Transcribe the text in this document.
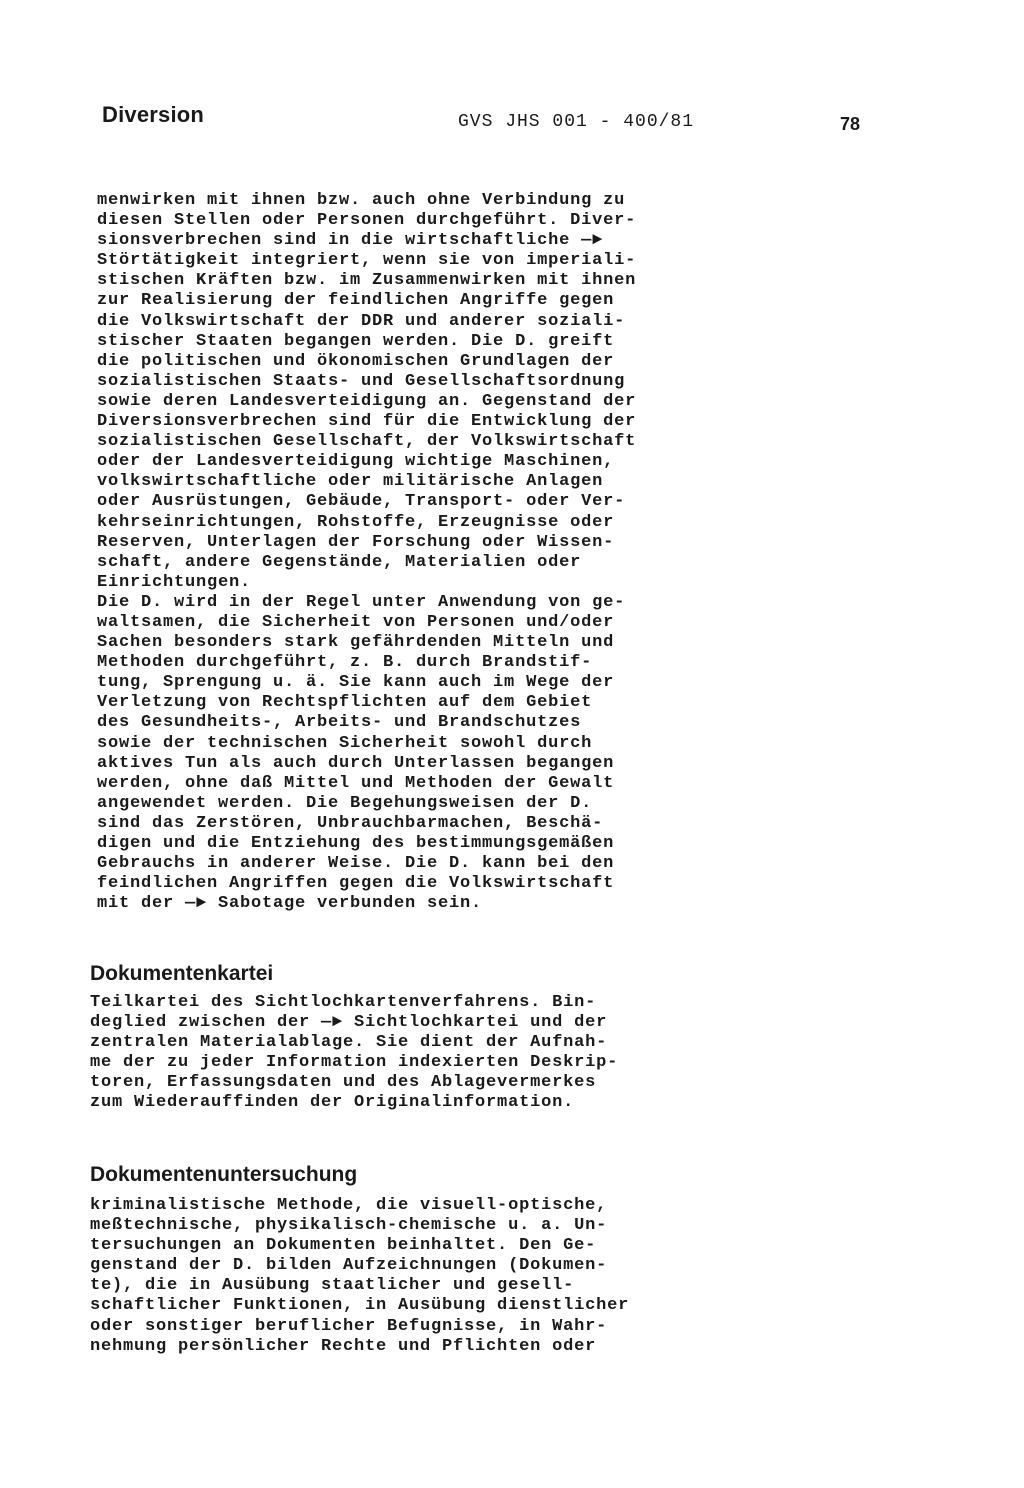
Diversion	GVS JHS 001 - 400/81	78
menwirken mit ihnen bzw. auch ohne Verbindung zu
diesen Stellen oder Personen durchgeführt. Diver-
sionsverbrechen sind in die wirtschaftliche ―►
Störtätigkeit integriert, wenn sie von imperiali-
stischen Kräften bzw. im Zusammenwirken mit ihnen
zur Realisierung der feindlichen Angriffe gegen
die Volkswirtschaft der DDR und anderer soziali-
stischer Staaten begangen werden. Die D. greift
die politischen und ökonomischen Grundlagen der
sozialistischen Staats- und Gesellschaftsordnung
sowie deren Landesverteidigung an. Gegenstand der
Diversionsverbrechen sind für die Entwicklung der
sozialistischen Gesellschaft, der Volkswirtschaft
oder der Landesverteidigung wichtige Maschinen,
volkswirtschaftliche oder militärische Anlagen
oder Ausrüstungen, Gebäude, Transport- oder Ver-
kehrseinrichtungen, Rohstoffe, Erzeugnisse oder
Reserven, Unterlagen der Forschung oder Wissen-
schaft, andere Gegenstände, Materialien oder
Einrichtungen.
Die D. wird in der Regel unter Anwendung von ge-
waltsamen, die Sicherheit von Personen und/oder
Sachen besonders stark gefährdenden Mitteln und
Methoden durchgeführt, z. B. durch Brandstif-
tung, Sprengung u. ä. Sie kann auch im Wege der
Verletzung von Rechtspflichten auf dem Gebiet
des Gesundheits-, Arbeits- und Brandschutzes
sowie der technischen Sicherheit sowohl durch
aktives Tun als auch durch Unterlassen begangen
werden, ohne daß Mittel und Methoden der Gewalt
angewendet werden. Die Begehungsweisen der D.
sind das Zerstören, Unbrauchbarmachen, Beschä-
digen und die Entziehung des bestimmungsgemäßen
Gebrauchs in anderer Weise. Die D. kann bei den
feindlichen Angriffen gegen die Volkswirtschaft
mit der ―► Sabotage verbunden sein.
Dokumentenkartei
Teilkartei des Sichtlochkartenverfahrens. Bin-
deglied zwischen der ―► Sichtlochkartei und der
zentralen Materialablage. Sie dient der Aufnah-
me der zu jeder Information indexierten Deskrip-
toren, Erfassungsdaten und des Ablagevermerkes
zum Wiederauffinden der Originalinformation.
Dokumentenuntersuchung
kriminalistische Methode, die visuell-optische,
meßtechnische, physikalisch-chemische u. a. Un-
tersuchungen an Dokumenten beinhaltet. Den Ge-
genstand der D. bilden Aufzeichnungen (Dokumen-
te), die in Ausübung staatlicher und gesell-
schaftlicher Funktionen, in Ausübung dienstlicher
oder sonstiger beruflicher Befugnisse, in Wahr-
nehmung persönlicher Rechte und Pflichten oder
